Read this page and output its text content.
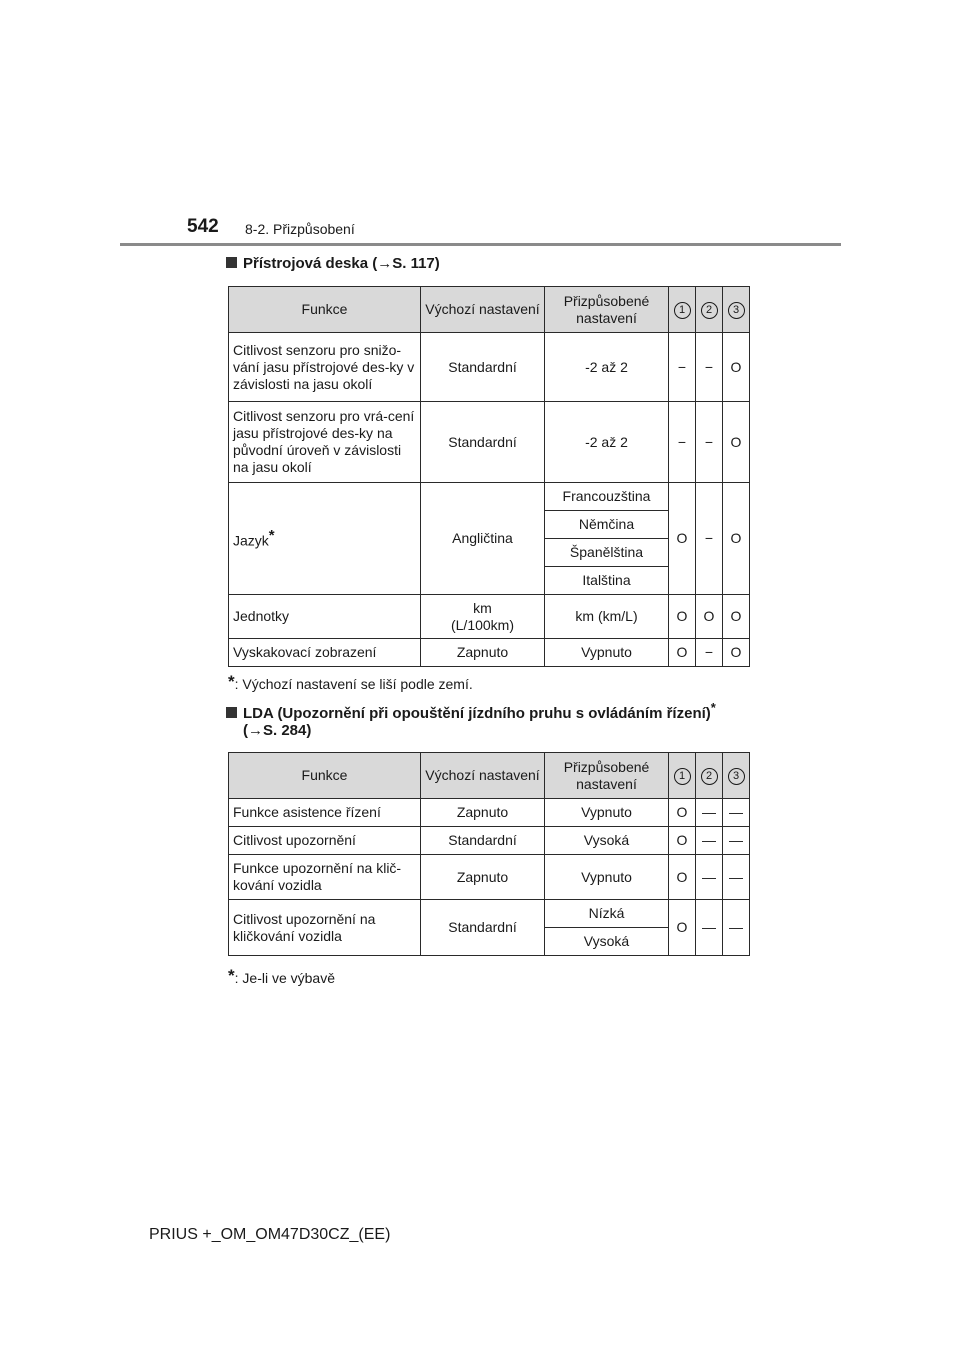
542 8-2. Přizpůsobení
Přístrojová deska (→S. 117)
Funkce	Výchozí nastavení	Přizpůsobené nastavení	1	2	3
Citlivost senzoru pro snižo-vání jasu přístrojové des-ky v závislosti na jasu okolí	Standardní	-2 až 2	−	−	O
Citlivost senzoru pro vrá-cení jasu přístrojové des-ky na původní úroveň v závislosti na jasu okolí	Standardní	-2 až 2	−	−	O
Jazyk*	Angličtina	Francouzština	O	−	O
		Němčina			
		Španělština			
		Italština			
Jednotky	km (L/100km)	km (km/L)	O	O	O
Vyskakovací zobrazení	Zapnuto	Vypnuto	O	−	O
*: Výchozí nastavení se liší podle zemí.
LDA (Upozornění při opouštění jízdního pruhu s ovládáním řízení)*
(→S. 284)
Funkce	Výchozí nastavení	Přizpůsobené nastavení	1	2	3
Funkce asistence řízení	Zapnuto	Vypnuto	O	—	—
Citlivost upozornění	Standardní	Vysoká	O	—	—
Funkce upozornění na klič-kování vozidla	Zapnuto	Vypnuto	O	—	—
Citlivost upozornění na kličkování vozidla	Standardní	Nízká	O	—	—
		Vysoká			
*: Je-li ve výbavě
PRIUS +_OM_OM47D30CZ_(EE)
